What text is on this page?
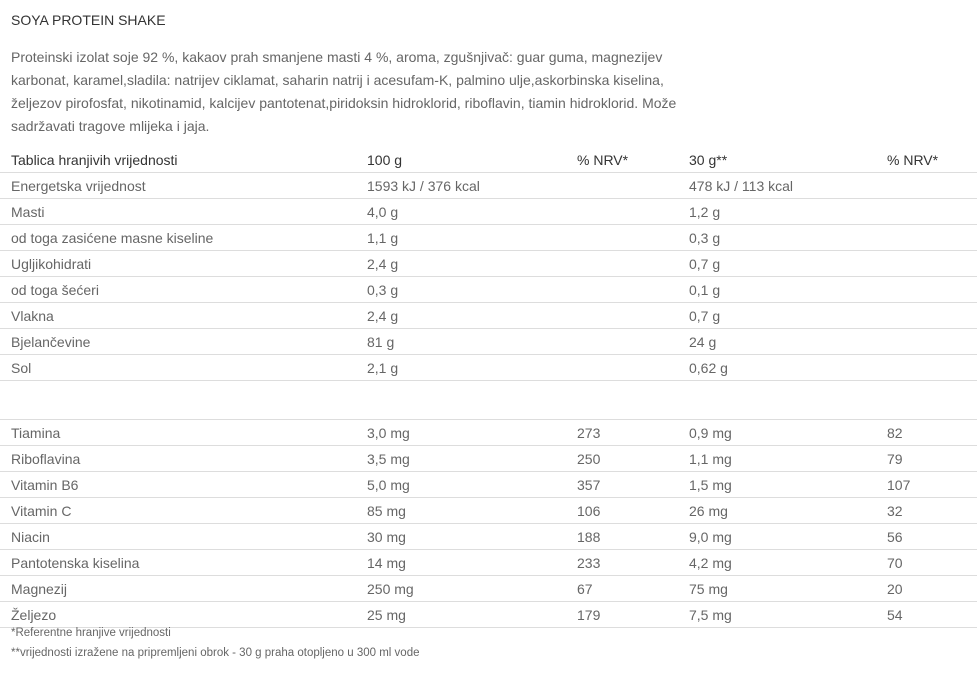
SOYA PROTEIN SHAKE
Proteinski izolat soje 92 %, kakaov prah smanjene masti 4 %, aroma, zgušnjivač: guar guma, magnezijev karbonat, karamel,sladila: natrijev ciklamat, saharin natrij i acesufam-K, palmino ulje,askorbinska kiselina, željezov pirofosfat, nikotinamid, kalcijev pantotenat,piridoksin hidroklorid, riboflavin, tiamin hidroklorid. Može sadržavati tragove mlijeka i jaja.
Tablica hranjivih vrijednosti	100 g	% NRV*	30 g**	% NRV*
Energetska vrijednost	1593 kJ / 376 kcal		478 kJ / 113 kcal	
Masti	4,0 g		1,2 g	
od toga zasićene masne kiseline	1,1 g		0,3 g	
Ugljikohidrati	2,4 g		0,7 g	
od toga šećeri	0,3 g		0,1 g	
Vlakna	2,4 g		0,7 g	
Bjelančevine	81 g		24 g	
Sol	2,1 g		0,62 g	

Tiamina	3,0 mg	273	0,9 mg	82
Riboflavina	3,5 mg	250	1,1 mg	79
Vitamin B6	5,0 mg	357	1,5 mg	107
Vitamin C	85 mg	106	26 mg	32
Niacin	30 mg	188	9,0 mg	56
Pantotenska kiselina	14 mg	233	4,2 mg	70
Magnezij	250 mg	67	75 mg	20
Željezo	25 mg	179	7,5 mg	54
*Referentne hranjive vrijednosti
**vrijednosti izražene na pripremljeni obrok - 30 g praha otopljeno u 300 ml vode
